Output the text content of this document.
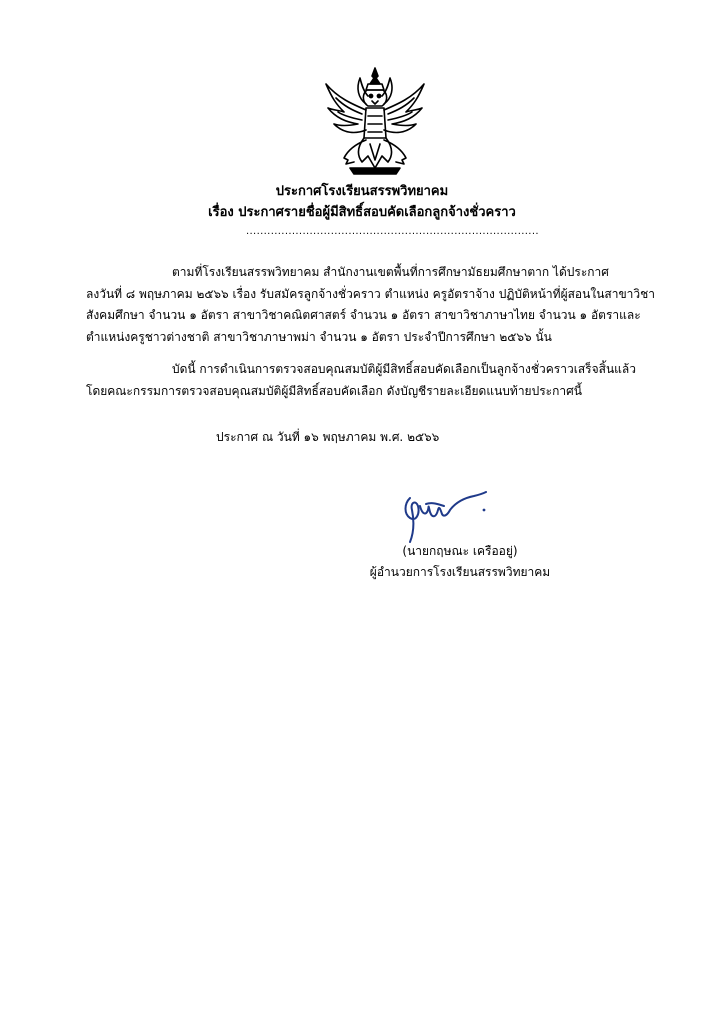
ประกาศโรงเรียนสรรพวิทยาคม
เรื่อง ประกาศรายชื่อผู้มีสิทธิ์สอบคัดเลือกลูกจ้างชั่วคราว
...................................................................................
ตามที่โรงเรียนสรรพวิทยาคม สำนักงานเขตพื้นที่การศึกษามัธยมศึกษาตาก ได้ประกาศ
ลงวันที่ ๘ พฤษภาคม ๒๕๖๖ เรื่อง รับสมัครลูกจ้างชั่วคราว ตำแหน่ง ครูอัตราจ้าง ปฏิบัติหน้าที่ผู้สอนในสาขาวิชา
สังคมศึกษา จำนวน ๑ อัตรา สาขาวิชาคณิตศาสตร์ จำนวน ๑ อัตรา สาขาวิชาภาษาไทย จำนวน ๑ อัตราและ
ตำแหน่งครูชาวต่างชาติ สาขาวิชาภาษาพม่า จำนวน ๑ อัตรา ประจำปีการศึกษา ๒๕๖๖ นั้น
บัดนี้ การดำเนินการตรวจสอบคุณสมบัติผู้มีสิทธิ์สอบคัดเลือกเป็นลูกจ้างชั่วคราวเสร็จสิ้นแล้ว
โดยคณะกรรมการตรวจสอบคุณสมบัติผู้มีสิทธิ์สอบคัดเลือก ดังบัญชีรายละเอียดแนบท้ายประกาศนี้
ประกาศ ณ วันที่ ๑๖ พฤษภาคม พ.ศ. ๒๕๖๖
(นายกฤษณะ เครืออยู่)
ผู้อำนวยการโรงเรียนสรรพวิทยาคม
